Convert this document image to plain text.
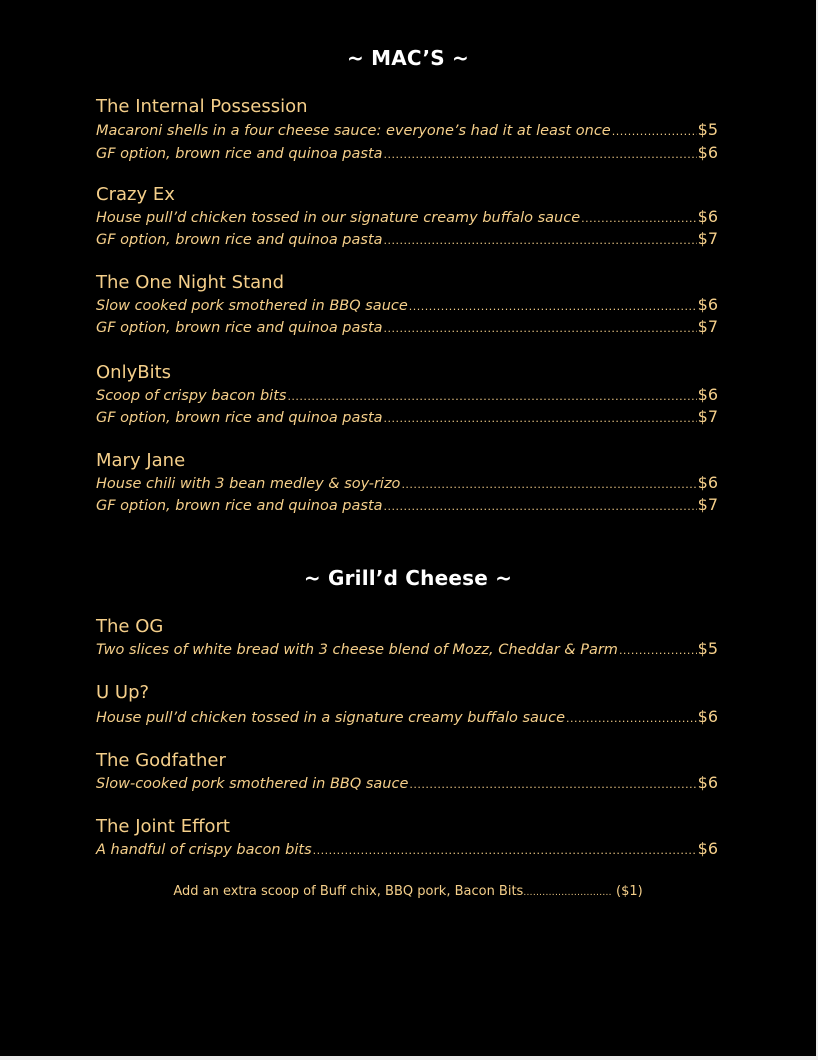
~ MAC’S ~
The Internal Possession
Macaroni shells in a four cheese sauce: everyone’s had it at least once .....	$5
GF option, brown rice and quinoa pasta .....	$6
Crazy Ex
House pull’d chicken tossed in our signature creamy buffalo sauce .....	$6
GF option, brown rice and quinoa pasta .....	$7
The One Night Stand
Slow cooked pork smothered in BBQ sauce .....	$6
GF option, brown rice and quinoa pasta .....	$7
OnlyBits
Scoop of crispy bacon bits .....	$6
GF option, brown rice and quinoa pasta .....	$7
Mary Jane
House chili with 3 bean medley & soy-rizo .....	$6
GF option, brown rice and quinoa pasta .....	$7
~ Grill’d Cheese ~
The OG
Two slices of white bread with 3 cheese blend of Mozz, Cheddar & Parm .....	$5
U Up?
House pull’d chicken tossed in a signature creamy buffalo sauce .....	$6
The Godfather
Slow-cooked pork smothered in BBQ sauce .....	$6
The Joint Effort
A handful of crispy bacon bits .....	$6
Add an extra scoop of Buff chix, BBQ pork, Bacon Bits............................ ($1)
